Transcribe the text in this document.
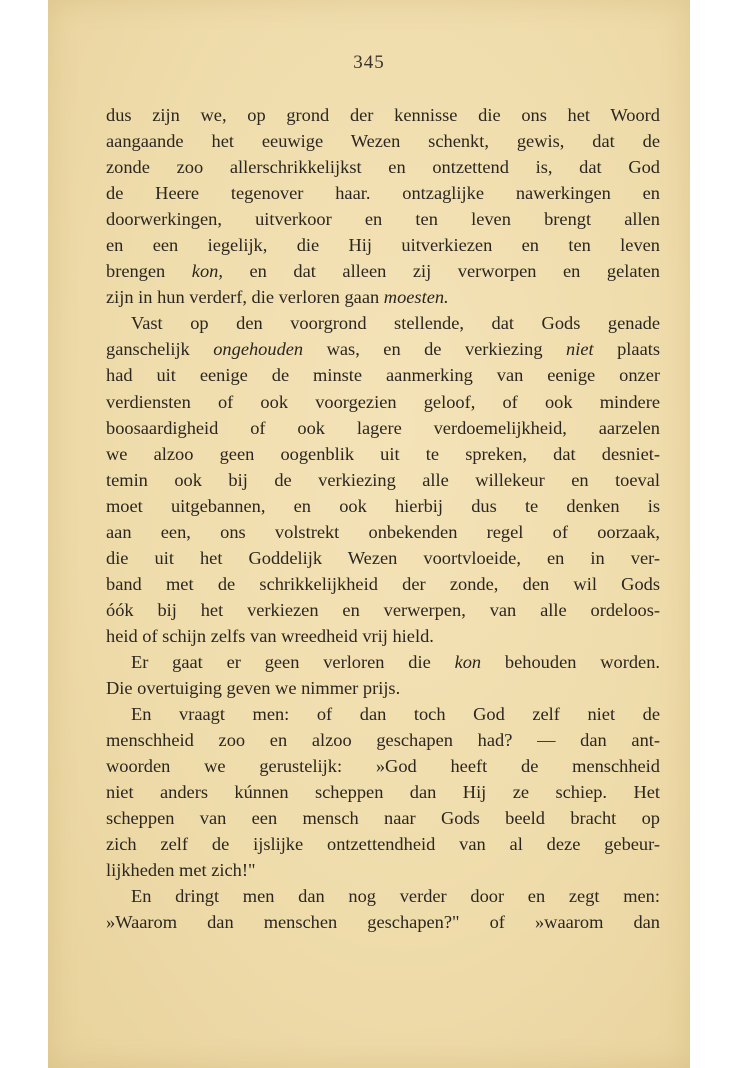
345
dus zijn we, op grond der kennisse die ons het Woord
aangaande het eeuwige Wezen schenkt, gewis, dat de
zonde zoo allerschrikkelijkst en ontzettend is, dat God
de Heere tegenover haar. ontzaglijke nawerkingen en
doorwerkingen, uitverkoor en ten leven brengt allen
en een iegelijk, die Hij uitverkiezen en ten leven
brengen kon, en dat alleen zij verworpen en gelaten
zijn in hun verderf, die verloren gaan moesten.
Vast op den voorgrond stellende, dat Gods genade
ganschelijk ongehouden was, en de verkiezing niet plaats
had uit eenige de minste aanmerking van eenige onzer
verdiensten of ook voorgezien geloof, of ook mindere
boosaardigheid of ook lagere verdoemelijkheid, aarzelen
we alzoo geen oogenblik uit te spreken, dat desniet-
temin ook bij de verkiezing alle willekeur en toeval
moet uitgebannen, en ook hierbij dus te denken is
aan een, ons volstrekt onbekenden regel of oorzaak,
die uit het Goddelijk Wezen voortvloeide, en in ver-
band met de schrikkelijkheid der zonde, den wil Gods
óók bij het verkiezen en verwerpen, van alle ordeloos-
heid of schijn zelfs van wreedheid vrij hield.
Er gaat er geen verloren die kon behouden worden.
Die overtuiging geven we nimmer prijs.
En vraagt men: of dan toch God zelf niet de
menschheid zoo en alzoo geschapen had? — dan ant-
woorden we gerustelijk: »God heeft de menschheid
niet anders kúnnen scheppen dan Hij ze schiep. Het
scheppen van een mensch naar Gods beeld bracht op
zich zelf de ijslijke ontzettendheid van al deze gebeur-
lijkheden met zich!"
En dringt men dan nog verder door en zegt men:
»Waarom dan menschen geschapen?" of »waarom dan
